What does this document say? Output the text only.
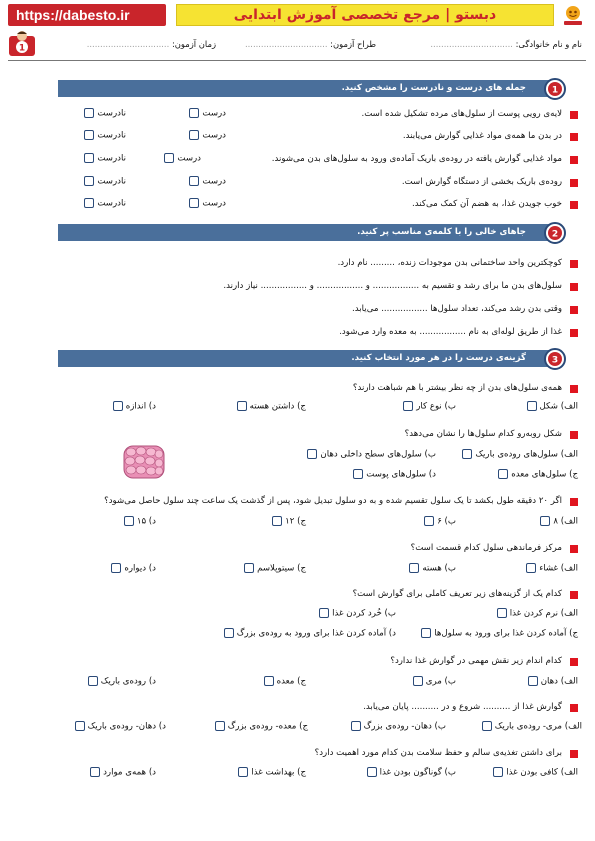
https://dabesto.ir	دبستو | مرجع تخصصی آموزش ابتدایی
نام و نام خانوادگی: ...............................
طراح آزمون: ...............................
زمان آزمون: ...............................
1
جمله های درست و نادرست را مشخص کنید.	1
لایه‌ی رویی پوست از سلول‌های مرده تشکیل شده است.
درست
نادرست
در بدن ما همه‌ی مواد غذایی گوارش می‌یابند.
درست
نادرست
مواد غذایی گوارش یافته در روده‌ی باریک آماده‌ی ورود به سلول‌های بدن می‌شوند.
درست
نادرست
روده‌ی باریک بخشی از دستگاه گوارش است.
درست
نادرست
خوب جویدن غذا، به هضم آن کمک می‌کند.
درست
نادرست
جاهای خالی را با کلمه‌ی مناسب پر کنید.	2
کوچکترین واحد ساختمانی بدن موجودات زنده، ......... نام دارد.
سلول‌های بدن ما برای رشد و تقسیم به ................. و ................. و ................. نیاز دارند.
وقتی بدن رشد می‌کند، تعداد سلول‌ها ................. می‌یابد.
غذا از طریق لوله‌ای به نام ................. به معده وارد می‌شود.
گزینه‌ی درست را در هر مورد انتخاب کنید.	3
همه‌ی سلول‌های بدن از چه نظر بیشتر با هم شباهت دارند؟
الف) شکل
ب) نوع کار
ج) داشتن هسته
د) اندازه
شکل روبه‌رو کدام سلول‌ها را نشان می‌دهد؟
الف) سلول‌های روده‌ی باریک
ب) سلول‌های سطح داخلی دهان
ج) سلول‌های معده
د) سلول‌های پوست
اگر ۲۰ دقیقه طول بکشد تا یک سلول تقسیم شده و به دو سلول تبدیل شود، پس از گذشت یک ساعت چند سلول حاصل می‌شود؟
الف) ۸
ب) ۶
ج) ۱۲
د) ۱۵
مرکز فرماندهی سلول کدام قسمت است؟
الف) غشاء
ب) هسته
ج) سیتوپلاسم
د) دیواره
کدام یک از گزینه‌های زیر تعریف کاملی برای گوارش است؟
الف) نرم کردن غذا
ب) خُرد کردن غذا
ج) آماده کردن غذا برای ورود به سلول‌ها
د) آماده کردن غذا برای ورود به روده‌ی بزرگ
کدام اندام زیر نقش مهمی در گوارش غذا ندارد؟
الف) دهان
ب) مری
ج) معده
د) روده‌ی باریک
گوارش غذا از .......... شروع و در .......... پایان می‌یابد.
الف) مری- روده‌ی باریک
ب) دهان- روده‌ی بزرگ
ج) معده- روده‌ی بزرگ
د) دهان- روده‌ی باریک
برای داشتن تغذیه‌ی سالم و حفظ سلامت بدن کدام مورد اهمیت دارد؟
الف) کافی بودن غذا
ب) گوناگون بودن غذا
ج) بهداشت غذا
د) همه‌ی موارد
